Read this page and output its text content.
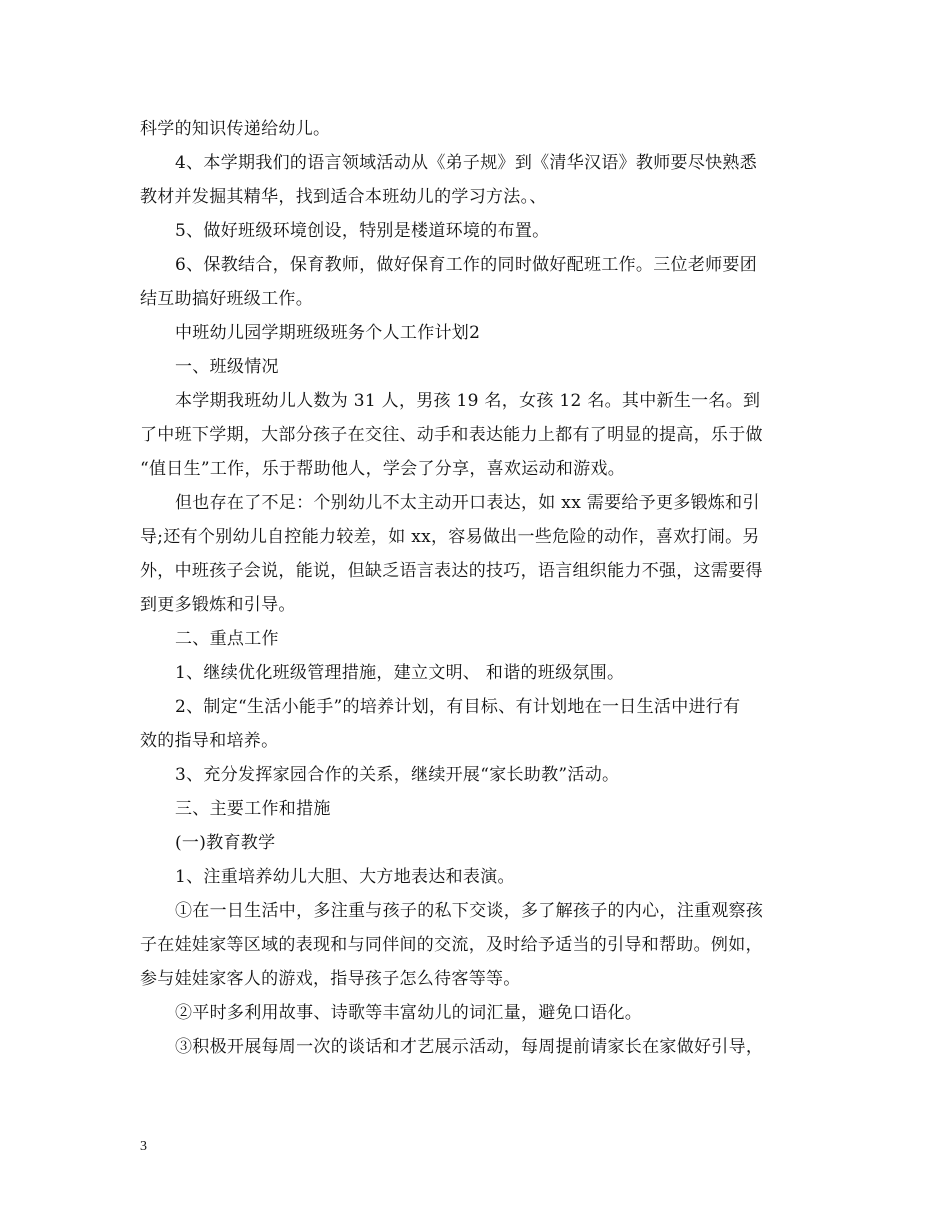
科学的知识传递给幼儿。
4、本学期我们的语言领域活动从《弟子规》到《清华汉语》教师要尽快熟悉
教材并发掘其精华，找到适合本班幼儿的学习方法。、
5、做好班级环境创设，特别是楼道环境的布置。
6、保教结合，保育教师，做好保育工作的同时做好配班工作。三位老师要团
结互助搞好班级工作。
中班幼儿园学期班级班务个人工作计划2
一、班级情况
本学期我班幼儿人数为 31 人，男孩 19 名，女孩 12 名。其中新生一名。到
了中班下学期，大部分孩子在交往、动手和表达能力上都有了明显的提高，乐于做
“值日生”工作，乐于帮助他人，学会了分享，喜欢运动和游戏。
但也存在了不足：个别幼儿不太主动开口表达，如 xx 需要给予更多锻炼和引
导;还有个别幼儿自控能力较差，如 xx，容易做出一些危险的动作，喜欢打闹。另
外，中班孩子会说，能说，但缺乏语言表达的技巧，语言组织能力不强，这需要得
到更多锻炼和引导。
二、重点工作
1、继续优化班级管理措施，建立文明、 和谐的班级氛围。
2、制定“生活小能手”的培养计划，有目标、有计划地在一日生活中进行有
效的指导和培养。
3、充分发挥家园合作的关系，继续开展“家长助教”活动。
三、主要工作和措施
(一)教育教学
1、注重培养幼儿大胆、大方地表达和表演。
①在一日生活中，多注重与孩子的私下交谈，多了解孩子的内心，注重观察孩
子在娃娃家等区域的表现和与同伴间的交流，及时给予适当的引导和帮助。例如，
参与娃娃家客人的游戏，指导孩子怎么待客等等。
②平时多利用故事、诗歌等丰富幼儿的词汇量，避免口语化。
③积极开展每周一次的谈话和才艺展示活动，每周提前请家长在家做好引导，
3
